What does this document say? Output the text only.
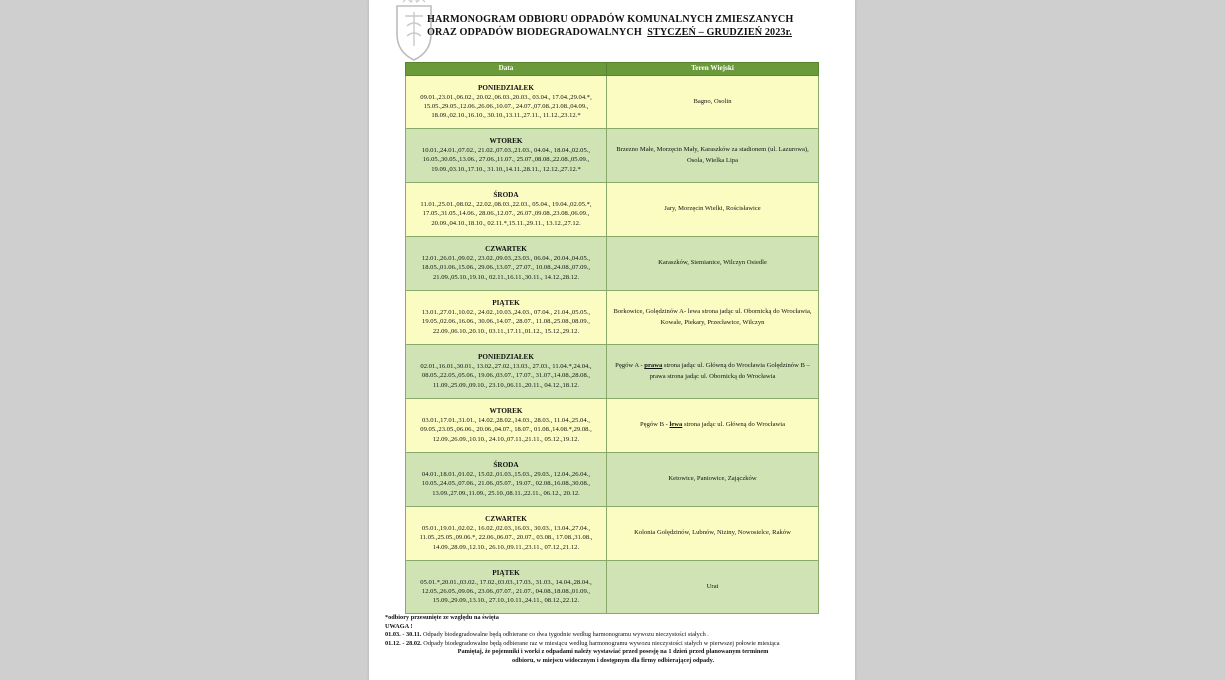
HARMONOGRAM ODBIORU ODPADÓW KOMUNALNYCH ZMIESZANYCH
ORAZ ODPADÓW BIODEGRADOWALNYCH STYCZEŃ – GRUDZIEŃ 2023r.
Data	Teren Wiejski

PONIEDZIAŁEK
09.01.,23.01.,06.02., 20.02.,06.03.,20.03., 03.04., 17.04.,29.04.*, 15.05.,29.05.,12.06.,26.06.,10.07., 24.07.,07.08.,21.08.,04.09., 18.09.,02.10.,16.10., 30.10.,13.11.,27.11., 11.12.,23.12.*	Bagno, Osolin

WTOREK
10.01.,24.01.,07.02., 21.02.,07.03.,21.03., 04.04., 18.04.,02.05., 16.05.,30.05.,13.06., 27.06.,11.07., 25.07.,08.08.,22.08.,05.09., 19.09.,03.10.,17.10., 31.10.,14.11.,28.11., 12.12.,27.12.*	Brzezno Małe, Morzęcin Mały, Karaszków za stadionem (ul. Lazurowa), Osola, Wielka Lipa

ŚRODA
11.01.,25.01.,08.02., 22.02.,08.03.,22.03., 05.04., 19.04.,02.05.*, 17.05.,31.05.,14.06., 28.06.,12.07., 26.07.,09.08.,23.08.,06.09., 20.09.,04.10.,18.10., 02.11.*,15.11.,29.11., 13.12.,27.12.	Jary, Morzęcin Wielki, Rościsławice

CZWARTEK
12.01.,26.01.,09.02., 23.02.,09.03.,23.03., 06.04., 20.04.,04.05., 18.05.,01.06.,15.06., 29.06.,13.07., 27.07., 10.08.,24.08.,07.09., 21.09.,05.10.,19.10., 02.11.,16.11.,30.11., 14.12.,28.12.	Karaszków, Siemianice, Wilczyn Osiedle

PIĄTEK
13.01.,27.01.,10.02., 24.02.,10.03.,24.03., 07.04., 21.04.,05.05., 19.05.,02.06.,16.06., 30.06.,14.07., 28.07., 11.08.,25.08.,08.09., 22.09.,06.10.,20.10., 03.11.,17.11.,01.12., 15.12.,29.12.	Borkowice, Golędzinów A- lewa strona jadąc ul. Obornicką do Wrocławia, Kowale, Piekary, Przecławice, Wilczyn

PONIEDZIAŁEK
02.01.,16.01.,30.01., 13.02.,27.02.,13.03., 27.03., 11.04.*,24.04., 08.05.,22.05.,05.06., 19.06.,03.07., 17.07., 31.07.,14.08.,28.08., 11.09.,25.09.,09.10., 23.10.,06.11.,20.11., 04.12.,18.12.	Pęgów A - prawa strona jadąc ul. Główną do Wrocławia Golędzinów B – prawa strona jadąc ul. Obornicką do Wrocławia

WTOREK
03.01.,17.01.,31.01., 14.02.,28.02.,14.03., 28.03., 11.04.,25.04., 09.05.,23.05.,06.06., 20.06.,04.07., 18.07., 01.08.,14.08.*,29.08., 12.09.,26.09.,10.10., 24.10.,07.11.,21.11., 05.12.,19.12.	Pęgów B - lewa strona jadąc ul. Główną do Wrocławia

ŚRODA
04.01.,18.01.,01.02., 15.02.,01.03.,15.03., 29.03., 12.04.,26.04., 10.05.,24.05.,07.06., 21.06.,05.07., 19.07., 02.08.,16.08.,30.08., 13.09.,27.09.,11.09., 25.10.,08.11.,22.11., 06.12., 20.12.	Ketowice, Paniowice, Zajączków

CZWARTEK
05.01.,19.01.,02.02., 16.02.,02.03.,16.03., 30.03., 13.04.,27.04., 11.05.,25.05.,09.06.*, 22.06.,06.07., 20.07., 03.08., 17.08.,31.08., 14.09.,28.09.,12.10., 26.10.,09.11.,23.11., 07.12.,21.12.	Kolonia Golędzinów, Lubnów, Niziny, Nowosielce, Raków

PIĄTEK
05.01.*,20.01.,03.02., 17.02.,03.03.,17.03., 31.03., 14.04.,28.04., 12.05.,26.05.,09.06., 23.06.,07.07., 21.07., 04.08.,18.08.,01.09., 15.09.,29.09.,13.10., 27.10.,10.11.,24.11., 08.12.,22.12.	Urat
*odbiory przesunięte ze względu na święta
UWAGA !
01.03. - 30.11. Odpady biodegradowalne będą odbierane co dwa tygodnie według harmonogramu wywozu nieczystości stałych .
01.12. - 28.02. Odpady biodegradowalne będą odbierane raz w miesiącu według harmonogramu wywozu nieczystości stałych w pierwszej połowie miesiąca
Pamiętaj, że pojemniki i worki z odpadami należy wystawiać przed posesję na 1 dzień przed planowanym terminem
odbioru, w miejscu widocznym i dostępnym dla firmy odbierającej odpady.
